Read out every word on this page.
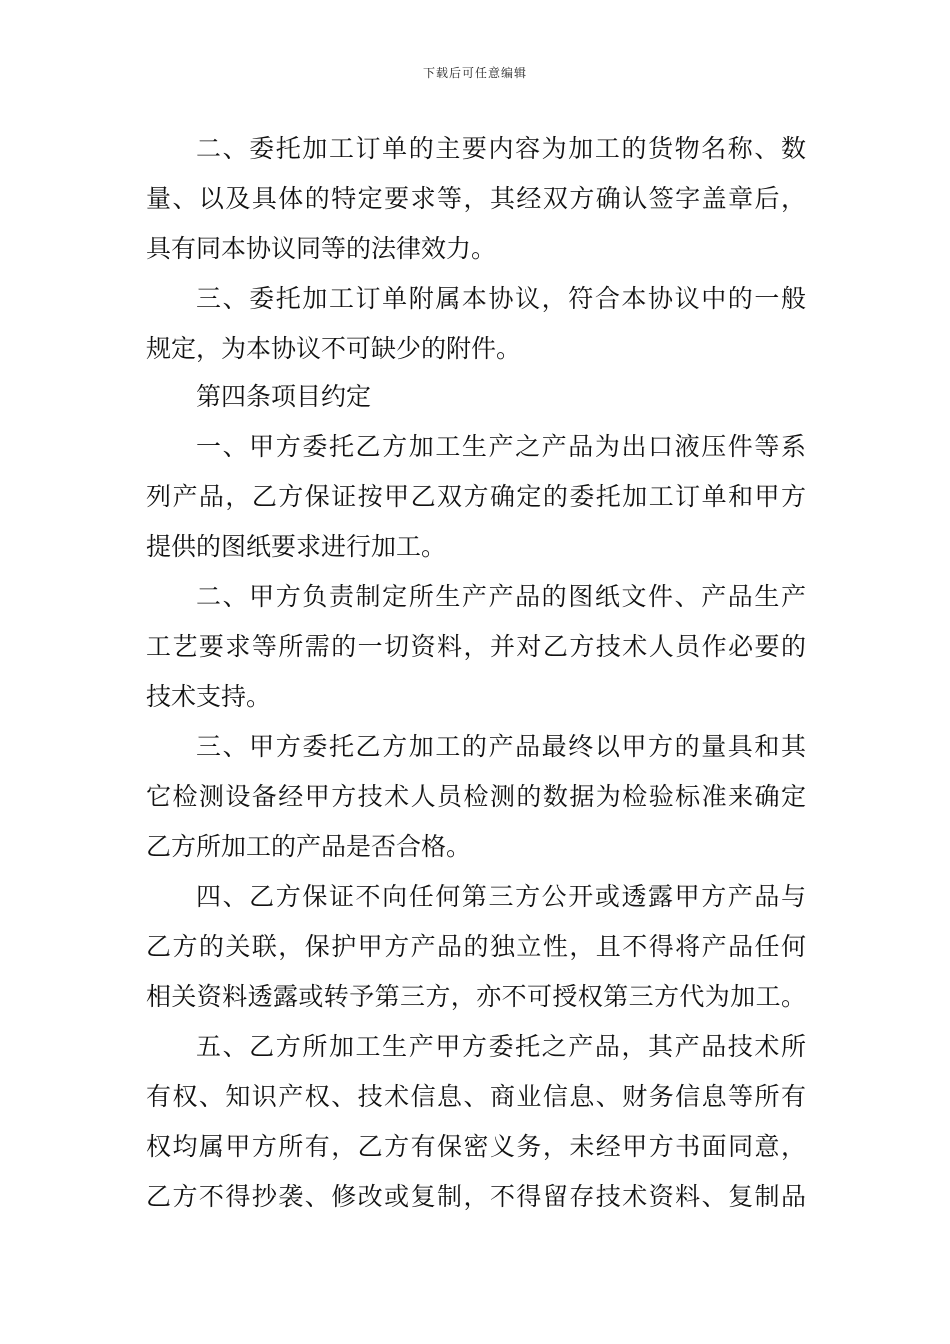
下载后可任意编辑
二、委托加工订单的主要内容为加工的货物名称、数
量、以及具体的特定要求等，其经双方确认签字盖章后，
具有同本协议同等的法律效力。
三、委托加工订单附属本协议，符合本协议中的一般
规定，为本协议不可缺少的附件。
第四条项目约定
一、甲方委托乙方加工生产之产品为出口液压件等系
列产品，乙方保证按甲乙双方确定的委托加工订单和甲方
提供的图纸要求进行加工。
二、甲方负责制定所生产产品的图纸文件、产品生产
工艺要求等所需的一切资料，并对乙方技术人员作必要的
技术支持。
三、甲方委托乙方加工的产品最终以甲方的量具和其
它检测设备经甲方技术人员检测的数据为检验标准来确定
乙方所加工的产品是否合格。
四、乙方保证不向任何第三方公开或透露甲方产品与
乙方的关联，保护甲方产品的独立性，且不得将产品任何
相关资料透露或转予第三方，亦不可授权第三方代为加工。
五、乙方所加工生产甲方委托之产品，其产品技术所
有权、知识产权、技术信息、商业信息、财务信息等所有
权均属甲方所有，乙方有保密义务，未经甲方书面同意，
乙方不得抄袭、修改或复制，不得留存技术资料、复制品
